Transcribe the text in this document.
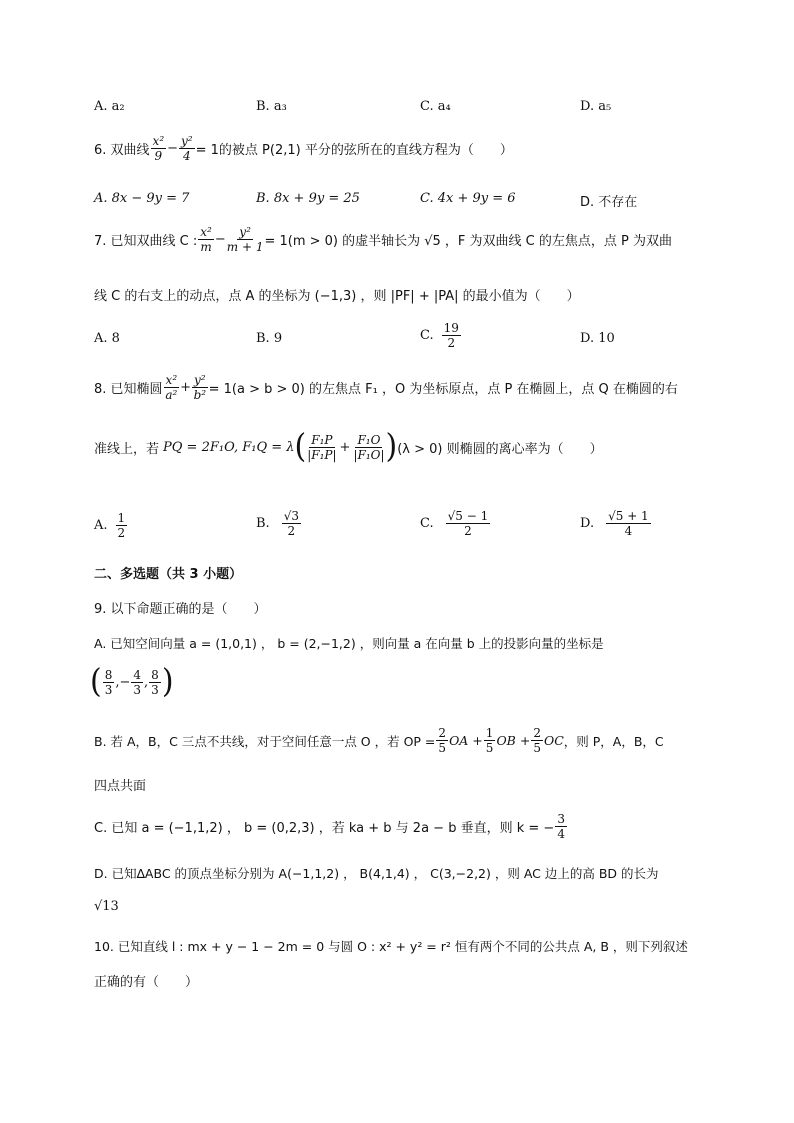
A. a₂	B. a₃	C. a₄	D. a₅
6. 双曲线 $\frac{\text{x²}}{9} - \frac{\text{y²}}{4} = 1$的被点 P(2,1) 平分的弦所在的直线方程为（　　）
A. 8x − 9y = 7	B. 8x + 9y = 25	C. 4x + 9y = 6	D. 不存在
7. 已知双曲线 C : $\frac{\text{x²}}{m} - \frac{\text{y²}}{m + 1} = 1(m > 0)$ 的虚半轴长为 √5 ，F 为双曲线 C 的左焦点，点 P 为双曲
线 C 的右支上的动点，点 A 的坐标为 (−1,3) ，则 |PF| + |PA| 的最小值为（　　）
A. 8	B. 9	C. $\frac{19}{2}$	D. 10
8. 已知椭圆 $\frac{\text{x²}}{\text{a²}} + \frac{\text{y²}}{\text{b²}} = 1(a > b > 0)$ 的左焦点 F₁ ，O 为坐标原点，点 P 在椭圆上，点 Q 在椭圆的右
准线上，若 PQ = 2F₁O, F₁Q = λ ( $\frac{\text{F₁P}}{\text{|F₁P|}} + \frac{\text{F₁O}}{\text{|F₁O|}}$ ) (λ > 0) 则椭圆的离心率为（　　）
A. $\frac{1}{2}$	B. $\frac{√3}{2}$	C. $\frac{√5 - 1}{2}$	D. $\frac{√5 + 1}{4}$
二、多选题（共 3 小题）
9. 以下命题正确的是（　　）
A. 已知空间向量 a = (1,0,1) ， b = (2,−1,2) ，则向量 a 在向量 b 上的投影向量的坐标是
( $\frac{8}{3}$ ,− $\frac{4}{3}$ , $\frac{8}{3}$ )
B. 若 A，B，C 三点不共线，对于空间任意一点 O ，若 OP = $\frac{2}{5}$ OA + $\frac{1}{5}$ OB + $\frac{2}{5}$ OC ，则 P，A，B，C
四点共面
C. 已知 a = (−1,1,2) ， b = (0,2,3) ，若 ka + b 与 2a − b 垂直，则 k = − $\frac{3}{4}$
D. 已知∆ABC 的顶点坐标分别为 A(−1,1,2) ， B(4,1,4) ， C(3,−2,2) ，则 AC 边上的高 BD 的长为
√13
10. 已知直线 l : mx + y − 1 − 2m = 0 与圆 O : x² + y² = r² 恒有两个不同的公共点 A, B ，则下列叙述
正确的有（　　）
